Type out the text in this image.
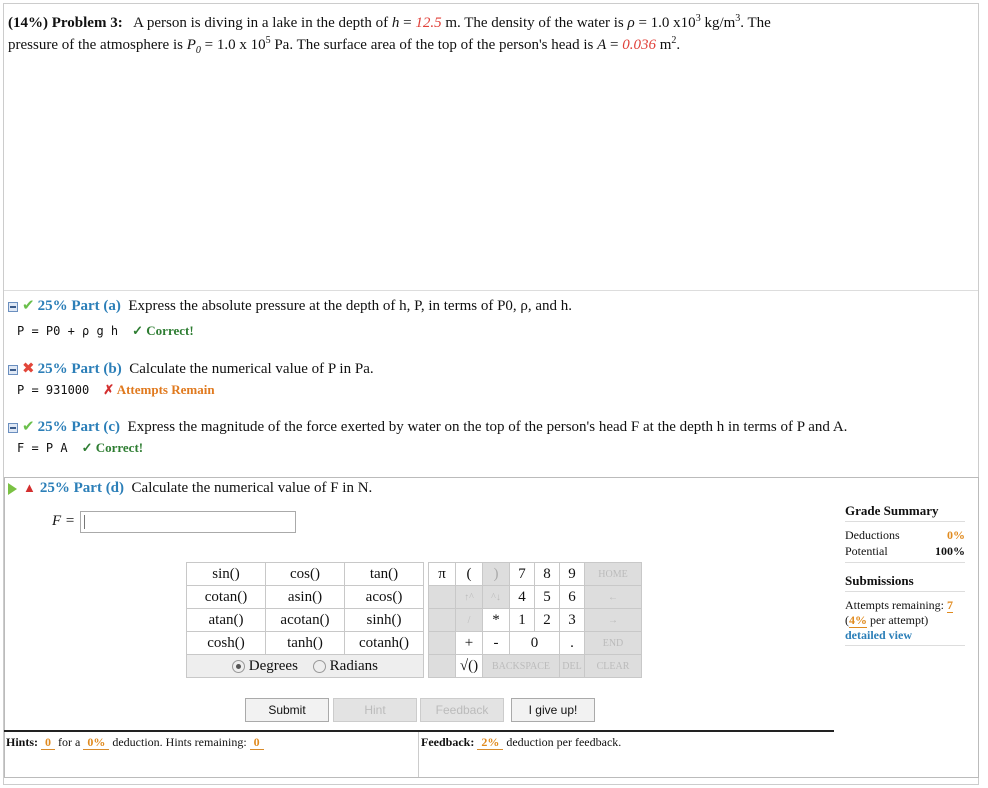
(14%) Problem 3: A person is diving in a lake in the depth of h = 12.5 m. The density of the water is ρ = 1.0 $x10^3$ $kg/m^3$. The
pressure of the atmosphere is $P_0 = 1.0$ x $10^5$ Pa. The surface area of the top of the person's head is A = 0.036 $m^2$.
✔ 25% Part (a) Express the absolute pressure at the depth of h, P, in terms of P0, ρ, and h.
P = P0 + ρ g h ✓ Correct!
✖ 25% Part (b) Calculate the numerical value of P in Pa.
P = 931000 ✗ Attempts Remain
✔ 25% Part (c) Express the magnitude of the force exerted by water on the top of the person's head F at the depth h in terms of P and A.
F = P A ✓ Correct!
▲ 25% Part (d) Calculate the numerical value of F in N.
F =
sin()	cos()	tan()
cotan()	asin()	acos()
atan()	acotan()	sinh()
cosh()	tanh()	cotanh()
Degrees Radians		
π	(	)	7	8	9	HOME
	↑^	^↓	4	5	6	←
	/	*	1	2	3	→
	+	-	0		.	END
	√()	BACKSPACE			DEL	CLEAR
Submit	Hint	Feedback	I give up!
Hints: 0 for a 0% deduction. Hints remaining: 0	Feedback: 2% deduction per feedback.
Grade Summary
Deductions	0%
Potential	100%
Submissions
Attempts remaining: 7
(4% per attempt)
detailed view
